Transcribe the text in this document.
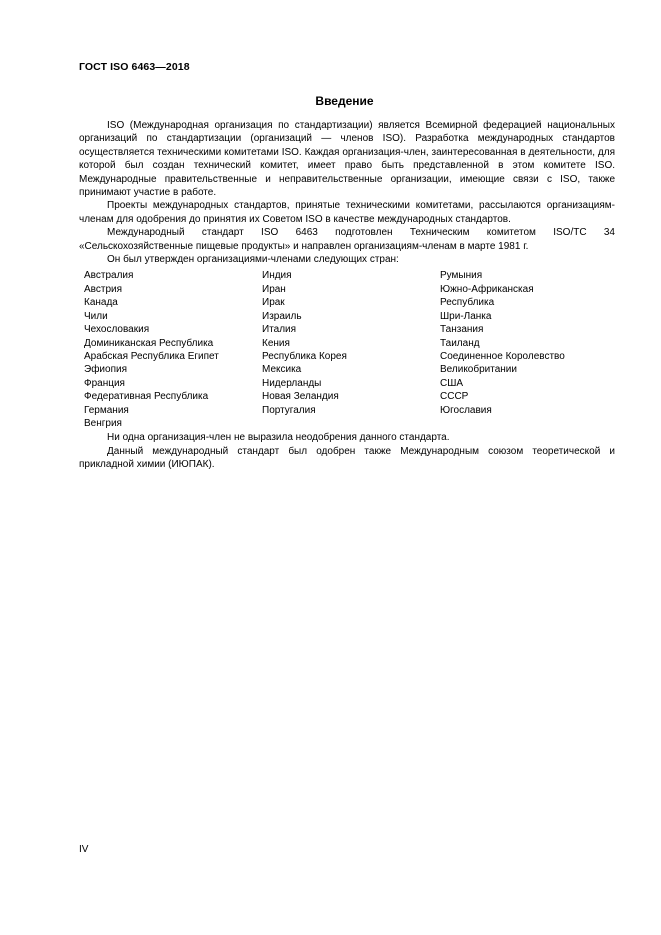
ГОСТ ISO 6463—2018
Введение

ISO (Международная организация по стандартизации) является Всемирной федерацией национальных организаций по стандартизации (организаций — членов ISO). Разработка международных стандартов осуществляется техническими комитетами ISO. Каждая организация-член, заинтересованная в деятельности, для которой был создан технический комитет, имеет право быть представленной в этом комитете ISO. Международные правительственные и неправительственные организации, имеющие связи с ISO, также принимают участие в работе.

Проекты международных стандартов, принятые техническими комитетами, рассылаются организациям-членам для одобрения до принятия их Советом ISO в качестве международных стандартов.

Международный стандарт ISO 6463 подготовлен Техническим комитетом ISO/TC 34 «Сельскохозяйственные пищевые продукты» и направлен организациям-членам в марте 1981 г.

Он был утвержден организациями-членами следующих стран:

Австралия
Австрия
Канада
Чили
Чехословакия
Доминиканская Республика
Арабская Республика Египет
Эфиопия
Франция
Федеративная Республика
Германия
Венгрия
Индия
Иран
Ирак
Израиль
Италия
Кения
Республика Корея
Мексика
Нидерланды
Новая Зеландия
Португалия
Румыния
Южно-Африканская
Республика
Шри-Ланка
Танзания
Таиланд
Соединенное Королевство
Великобритании
США
СССР
Югославия

Ни одна организация-член не выразила неодобрения данного стандарта.

Данный международный стандарт был одобрен также Международным союзом теоретической и прикладной химии (ИЮПАК).

IV
